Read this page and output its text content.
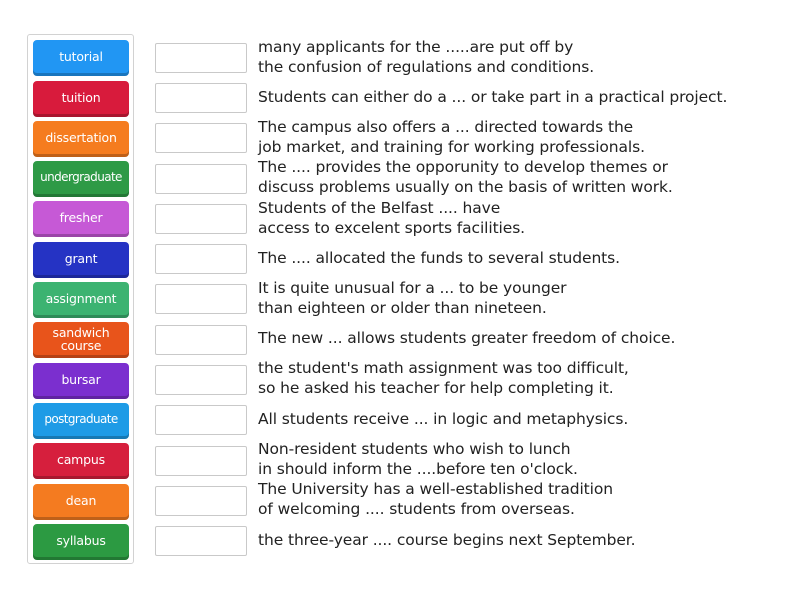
tutorial
tuition
dissertation
undergraduate
fresher
grant
assignment
sandwich course
bursar
postgraduate
campus
dean
syllabus
many applicants for the .....are put off by
the confusion of regulations and conditions.
Students can either do a ... or take part in a practical project.
The campus also offers a ... directed towards the
job market, and training for working professionals.
The .... provides the opporunity to develop themes or
discuss problems usually on the basis of written work.
Students of the Belfast .... have
access to excelent sports facilities.
The .... allocated the funds to several students.
It is quite unusual for a ... to be younger
than eighteen or older than nineteen.
The new ... allows students greater freedom of choice.
the student's math assignment was too difficult,
so he asked his teacher for help completing it.
All students receive ... in logic and metaphysics.
Non-resident students who wish to lunch
in should inform the ....before ten o'clock.
The University has a well-established tradition
of welcoming .... students from overseas.
the three-year .... course begins next September.
